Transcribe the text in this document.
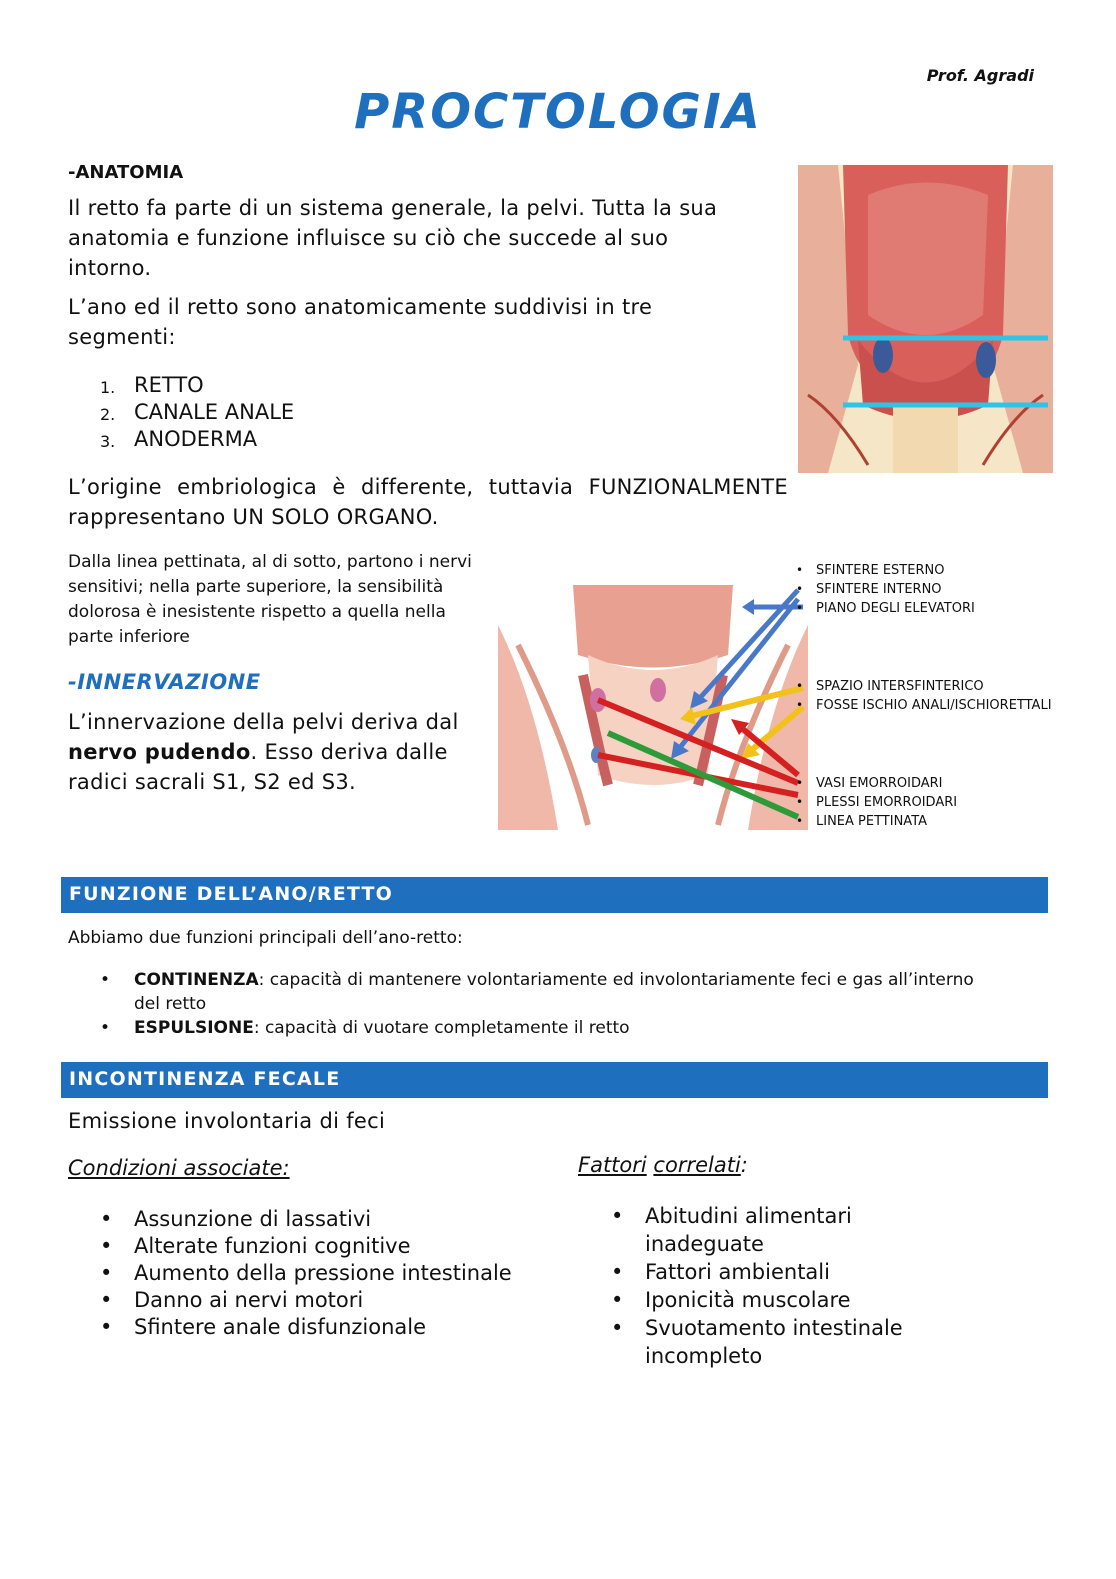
Prof. Agradi
PROCTOLOGIA
-ANATOMIA
Il retto fa parte di un sistema generale, la pelvi. Tutta la sua anatomia e funzione influisce su ciò che succede al suo intorno.
L’ano ed il retto sono anatomicamente suddivisi in tre segmenti:
1. RETTO
2. CANALE ANALE
3. ANODERMA
L’origine embriologica è differente, tuttavia FUNZIONALMENTE rappresentano UN SOLO ORGANO.
Dalla linea pettinata, al di sotto, partono i nervi sensitivi; nella parte superiore, la sensibilità dolorosa è inesistente rispetto a quella nella parte inferiore
-INNERVAZIONE
L’innervazione della pelvi deriva dal nervo pudendo. Esso deriva dalle radici sacrali S1, S2 ed S3.
• SFINTERE ESTERNO
• SFINTERE INTERNO
• PIANO DEGLI ELEVATORI
• SPAZIO INTERSFINTERICO
• FOSSE ISCHIO ANALI/ISCHIORETTALI
• VASI EMORROIDARI
• PLESSI EMORROIDARI
• LINEA PETTINATA
FUNZIONE DELL’ANO/RETTO
Abbiamo due funzioni principali dell’ano-retto:
• CONTINENZA: capacità di mantenere volontariamente ed involontariamente feci e gas all’interno del retto
• ESPULSIONE: capacità di vuotare completamente il retto
INCONTINENZA FECALE
Emissione involontaria di feci
Condizioni associate:
• Assunzione di lassativi
• Alterate funzioni cognitive
• Aumento della pressione intestinale
• Danno ai nervi motori
• Sfintere anale disfunzionale
Fattori correlati:
• Abitudini alimentari inadeguate
• Fattori ambientali
• Iponicità muscolare
• Svuotamento intestinale incompleto
